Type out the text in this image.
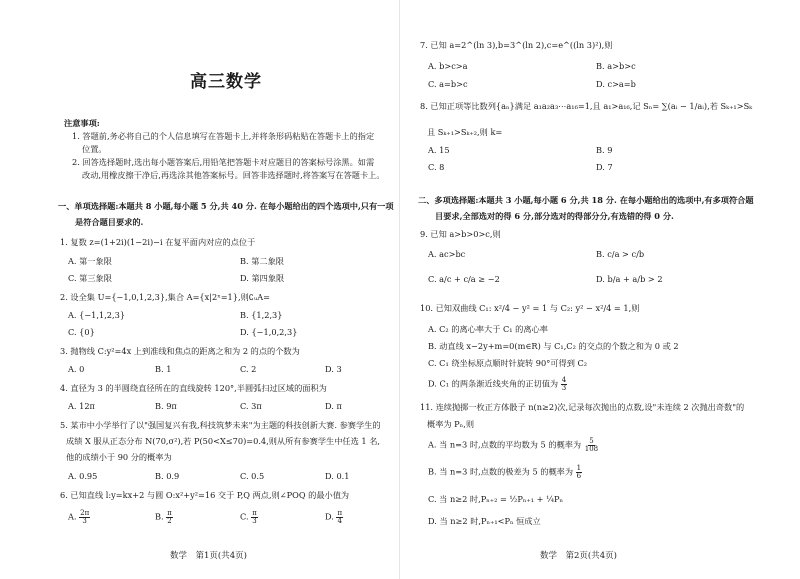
高三数学
注意事项:
1. 答题前,务必将自己的个人信息填写在答题卡上,并将条形码粘贴在答题卡上的指定
位置。
2. 回答选择题时,选出每小题答案后,用铅笔把答题卡对应题目的答案标号涂黑。如需
改动,用橡皮擦干净后,再选涂其他答案标号。回答非选择题时,将答案写在答题卡上。
一、单项选择题:本题共 8 小题,每小题 5 分,共 40 分. 在每小题给出的四个选项中,只有一项
是符合题目要求的.
1. 复数 z=(1+2i)(1−2i)−i 在复平面内对应的点位于
A. 第一象限	B. 第二象限
C. 第三象限	D. 第四象限
2. 设全集 U={−1,0,1,2,3},集合 A={x|2ˣ=1},则∁ᵤA=
A. {−1,1,2,3}	B. {1,2,3}
C. {0}	D. {−1,0,2,3}
3. 抛物线 C:y²=4x 上到准线和焦点的距离之和为 2 的点的个数为
A. 0	B. 1	C. 2	D. 3
4. 直径为 3 的半圆绕直径所在的直线旋转 120°,半圆弧扫过区域的面积为
A. 12π	B. 9π	C. 3π	D. π
5. 某市中小学举行了以"强国复兴有我,科技筑梦未来"为主题的科技创新大赛. 参赛学生的
成绩 X 服从正态分布 N(70,σ²),若 P(50<X≤70)=0.4,则从所有参赛学生中任选 1 名,
他的成绩小于 90 分的概率为
A. 0.95	B. 0.9	C. 0.5	D. 0.1
6. 已知直线 l:y=kx+2 与圆 O:x²+y²=16 交于 P,Q 两点,则∠POQ 的最小值为
A. $\frac{2\pi}{3}$	B. $\frac{\pi}{2}$	C. $\frac{\pi}{3}$	D. $\frac{\pi}{4}$
数学　第1页(共4页)
7. 已知 a=2^(ln 3),b=3^(ln 2),c=e^((ln 3)²),则
A. b>c>a	B. a>b>c
C. a=b>c	D. c>a=b
8. 已知正项等比数列{aₙ}满足 a₁a₂a₃⋯a₁₆=1,且 a₁>a₁₆,记 Sₙ= ∑(aᵢ − 1/aᵢ),若 Sₖ₊₁>Sₖ
且 Sₖ₊₁>Sₖ₊₂,则 k=
A. 15	B. 9
C. 8	D. 7
二、多项选择题:本题共 3 小题,每小题 6 分,共 18 分. 在每小题给出的选项中,有多项符合题
目要求,全部选对的得 6 分,部分选对的得部分分,有选错的得 0 分.
9. 已知 a>b>0>c,则
A. ac>bc	B. c/a > c/b
C. a/c + c/a ≥ −2	D. b/a + a/b > 2
10. 已知双曲线 C₁: x²/4 − y² = 1 与 C₂: y² − x²/4 = 1,则
A. C₂ 的离心率大于 C₁ 的离心率
B. 动直线 x−2y+m=0(m∈R) 与 C₁,C₂ 的交点的个数之和为 0 或 2
C. C₁ 绕坐标原点顺时针旋转 90°可得到 C₂
D. C₁ 的两条渐近线夹角的正切值为 $\frac{4}{3}$
11. 连续抛掷一枚正方体骰子 n(n≥2)次,记录每次抛出的点数,设"未连续 2 次抛出奇数"的
概率为 Pₙ,则
A. 当 n=3 时,点数的平均数为 5 的概率为 $\frac{5}{108}$
B. 当 n=3 时,点数的极差为 5 的概率为 $\frac{1}{6}$
C. 当 n≥2 时,Pₙ₊₂ = ½Pₙ₊₁ + ¼Pₙ
D. 当 n≥2 时,Pₙ₊₁<Pₙ 恒成立
数学　第2页(共4页)
